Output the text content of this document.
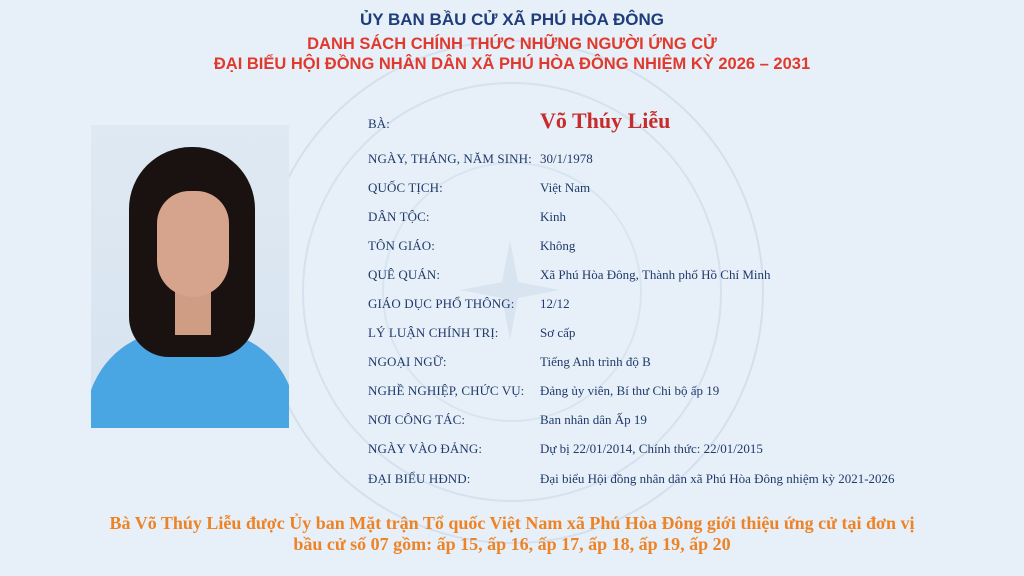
ỦY BAN BẦU CỬ XÃ PHÚ HÒA ĐÔNG
DANH SÁCH CHÍNH THỨC NHỮNG NGƯỜI ỨNG CỬ
ĐẠI BIỂU HỘI ĐỒNG NHÂN DÂN XÃ PHÚ HÒA ĐÔNG NHIỆM KỲ 2026 – 2031
BÀ:	Võ Thúy Liễu
NGÀY, THÁNG, NĂM SINH: 30/1/1978
QUỐC TỊCH:	Việt Nam
DÂN TỘC:	Kinh
TÔN GIÁO:	Không
QUÊ QUÁN:	Xã Phú Hòa Đông, Thành phố Hồ Chí Minh
GIÁO DỤC PHỔ THÔNG: 12/12
LÝ LUẬN CHÍNH TRỊ:	Sơ cấp
NGOẠI NGỮ:	Tiếng Anh trình độ B
NGHỀ NGHIỆP, CHỨC VỤ: Đảng ủy viên, Bí thư Chi bộ ấp 19
NƠI CÔNG TÁC:	Ban nhân dân Ấp 19
NGÀY VÀO ĐẢNG:	Dự bị 22/01/2014, Chính thức: 22/01/2015
ĐẠI BIỂU HĐND:	Đại biểu Hội đồng nhân dân xã Phú Hòa Đông nhiệm kỳ 2021-2026
Bà Võ Thúy Liễu được Ủy ban Mặt trận Tổ quốc Việt Nam xã Phú Hòa Đông giới thiệu ứng cử tại đơn vị
bầu cử số 07 gồm: ấp 15, ấp 16, ấp 17, ấp 18, ấp 19, ấp 20
